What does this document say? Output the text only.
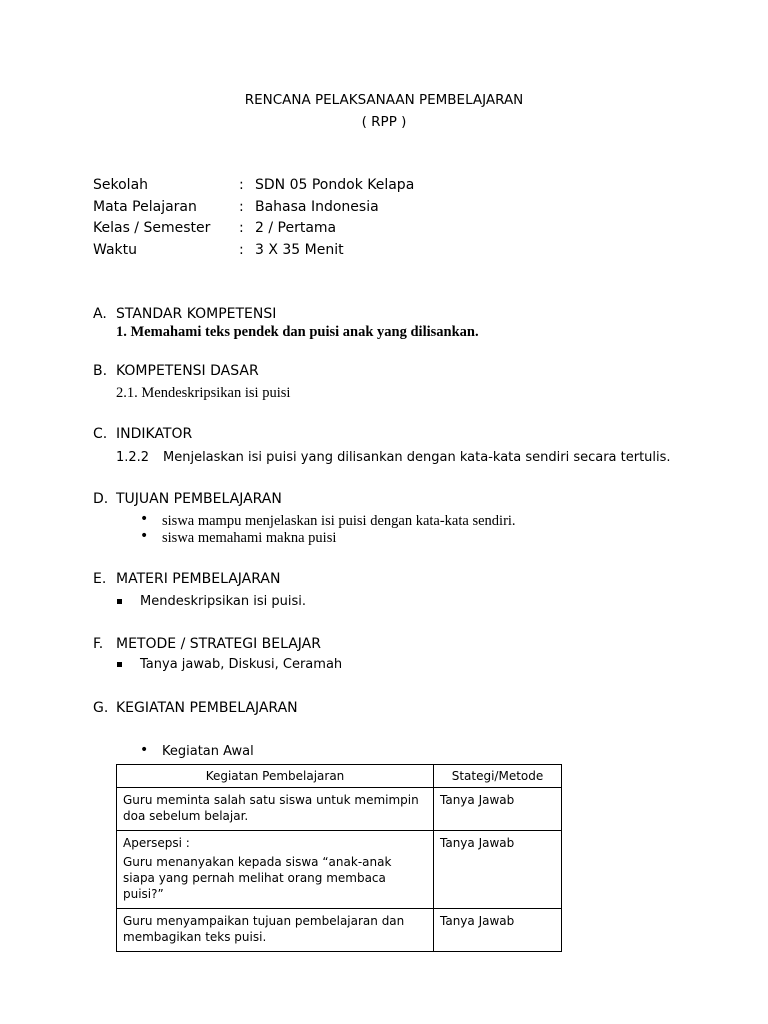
RENCANA PELAKSANAAN PEMBELAJARAN
( RPP )
Sekolah	: SDN 05 Pondok Kelapa
Mata Pelajaran	: Bahasa Indonesia
Kelas / Semester : 2 / Pertama
Waktu	: 3 X 35 Menit
A. STANDAR KOMPETENSI
1. Memahami teks pendek dan puisi anak yang dilisankan.
B. KOMPETENSI DASAR
2.1. Mendeskripsikan isi puisi
C. INDIKATOR
1.2.2 Menjelaskan isi puisi yang dilisankan dengan kata-kata sendiri secara tertulis.
D. TUJUAN PEMBELAJARAN
• siswa mampu menjelaskan isi puisi dengan kata-kata sendiri.
• siswa memahami makna puisi
E. MATERI PEMBELAJARAN
Mendeskripsikan isi puisi.
F. METODE / STRATEGI BELAJAR
Tanya jawab, Diskusi, Ceramah
G. KEGIATAN PEMBELAJARAN
• Kegiatan Awal
Kegiatan Pembelajaran	Stategi/Metode

Guru meminta salah satu siswa untuk memimpin doa sebelum belajar.	Tanya Jawab

Apersepsi :
Guru menanyakan kepada siswa “anak-anak siapa yang pernah melihat orang membaca puisi?”	Tanya Jawab

Guru menyampaikan tujuan pembelajaran dan membagikan teks puisi.	Tanya Jawab
